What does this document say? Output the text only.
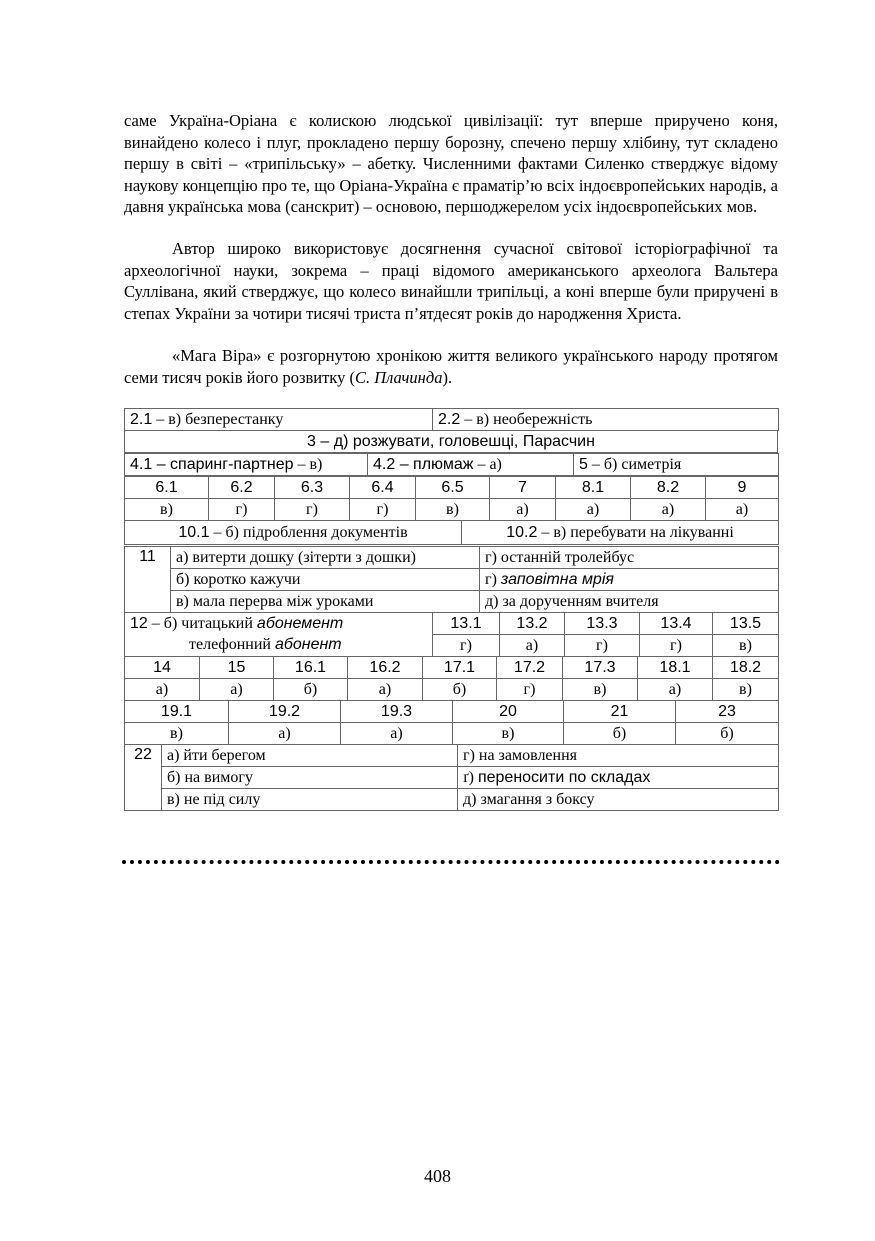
саме Україна-Оріана є колискою людської цивілізації: тут вперше приручено коня, винайдено колесо і плуг, прокладено першу борозну, спечено першу хлібину, тут складено першу в світі – «трипільську» – абетку. Численними фактами Силенко стверджує відому наукову концепцію про те, що Оріана-Україна є праматір’ю всіх індоєвропейських народів, а давня українська мова (санскрит) – основою, першоджерелом усіх індоєвропейських мов.

Автор широко використовує досягнення сучасної світової історіографічної та археологічної науки, зокрема – праці відомого американського археолога Вальтера Суллівана, який стверджує, що колесо винайшли трипільці, а коні вперше були приручені в степах України за чотири тисячі триста п’ятдесят років до народження Христа.

«Мага Віра» є розгорнутою хронікою життя великого українського народу протягом семи тисяч років його розвитку (С. Плачинда).

2.1 – в) безперестанку	2.2 – в) необережність
3 – д) розжувати, головешці, Парасчин
4.1 – спаринг-партнер – в)	4.2 – плюмаж – а)	5 – б) симетрія
6.1	6.2	6.3	6.4	6.5	7	8.1	8.2	9
в)	г)	г)	г)	в)	а)	а)	а)	а)
10.1 – б) підроблення документів	10.2 – в) перебувати на лікуванні
11	а) витерти дошку (зітерти з дошки)	г) останній тролейбус
	б) коротко кажучи	г) заповітна мрія
	в) мала перерва між уроками	д) за дорученням вчителя
12 – б) читацький абонемент	13.1	13.2	13.3	13.4	13.5
телефонний абонент	г)	а)	г)	г)	в)
14	15	16.1	16.2	17.1	17.2	17.3	18.1	18.2
а)	а)	б)	а)	б)	г)	в)	а)	в)
19.1	19.2	19.3	20	21	23
в)	а)	а)	в)	б)	б)
22	а) йти берегом	г) на замовлення
	б) на вимогу	ґ) переносити по складах
	в) не під силу	д) змагання з боксу
408
